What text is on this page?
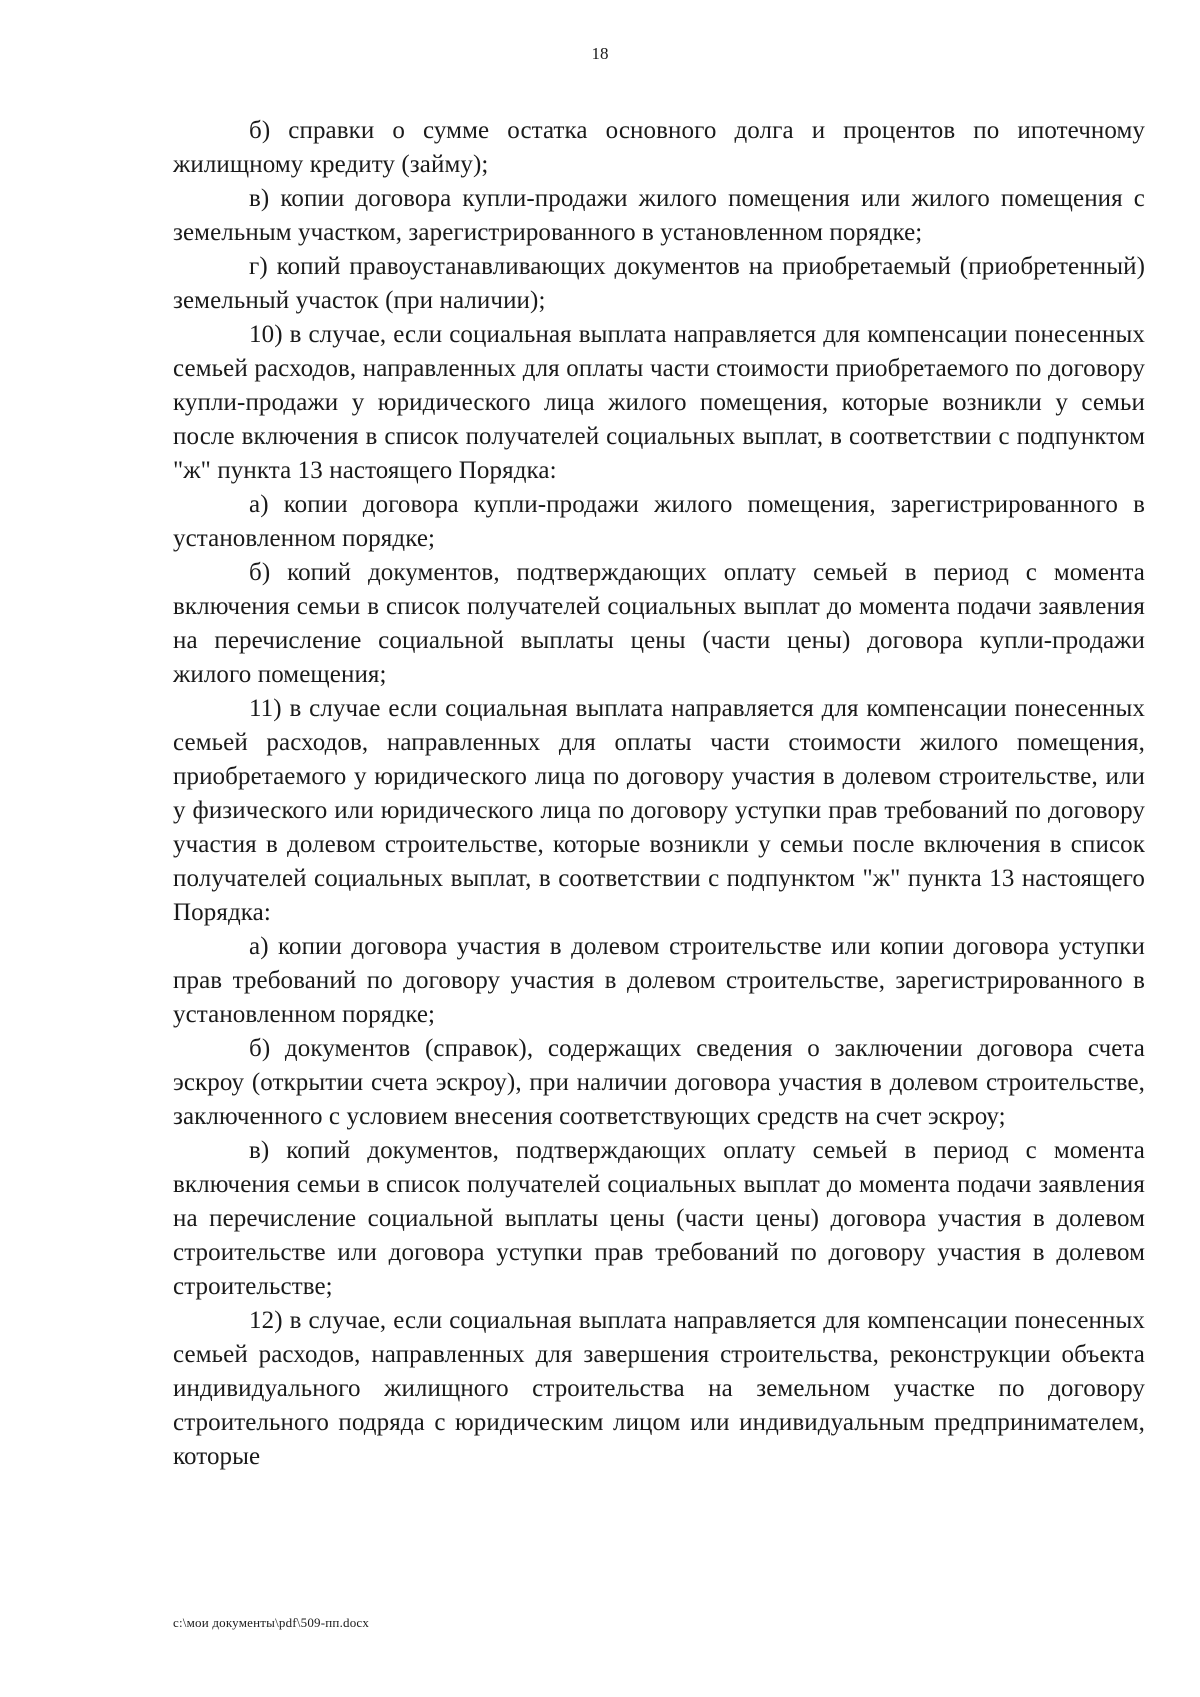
18

б) справки о сумме остатка основного долга и процентов по ипотечному жилищному кредиту (займу);

в) копии договора купли-продажи жилого помещения или жилого помещения с земельным участком, зарегистрированного в установленном порядке;

г) копий правоустанавливающих документов на приобретаемый (приобретенный) земельный участок (при наличии);

10) в случае, если социальная выплата направляется для компенсации понесенных семьей расходов, направленных для оплаты части стоимости приобретаемого по договору купли-продажи у юридического лица жилого помещения, которые возникли у семьи после включения в список получателей социальных выплат, в соответствии с подпунктом "ж" пункта 13 настоящего Порядка:

а) копии договора купли-продажи жилого помещения, зарегистрированного в установленном порядке;

б) копий документов, подтверждающих оплату семьей в период с момента включения семьи в список получателей социальных выплат до момента подачи заявления на перечисление социальной выплаты цены (части цены) договора купли-продажи жилого помещения;

11) в случае если социальная выплата направляется для компенсации понесенных семьей расходов, направленных для оплаты части стоимости жилого помещения, приобретаемого у юридического лица по договору участия в долевом строительстве, или у физического или юридического лица по договору уступки прав требований по договору участия в долевом строительстве, которые возникли у семьи после включения в список получателей социальных выплат, в соответствии с подпунктом "ж" пункта 13 настоящего Порядка:

а) копии договора участия в долевом строительстве или копии договора уступки прав требований по договору участия в долевом строительстве, зарегистрированного в установленном порядке;

б) документов (справок), содержащих сведения о заключении договора счета эскроу (открытии счета эскроу), при наличии договора участия в долевом строительстве, заключенного с условием внесения соответствующих средств на счет эскроу;

в) копий документов, подтверждающих оплату семьей в период с момента включения семьи в список получателей социальных выплат до момента подачи заявления на перечисление социальной выплаты цены (части цены) договора участия в долевом строительстве или договора уступки прав требований по договору участия в долевом строительстве;

12) в случае, если социальная выплата направляется для компенсации понесенных семьей расходов, направленных для завершения строительства, реконструкции объекта индивидуального жилищного строительства на земельном участке по договору строительного подряда с юридическим лицом или индивидуальным предпринимателем, которые

c:\мои документы\pdf\509-пп.docx
